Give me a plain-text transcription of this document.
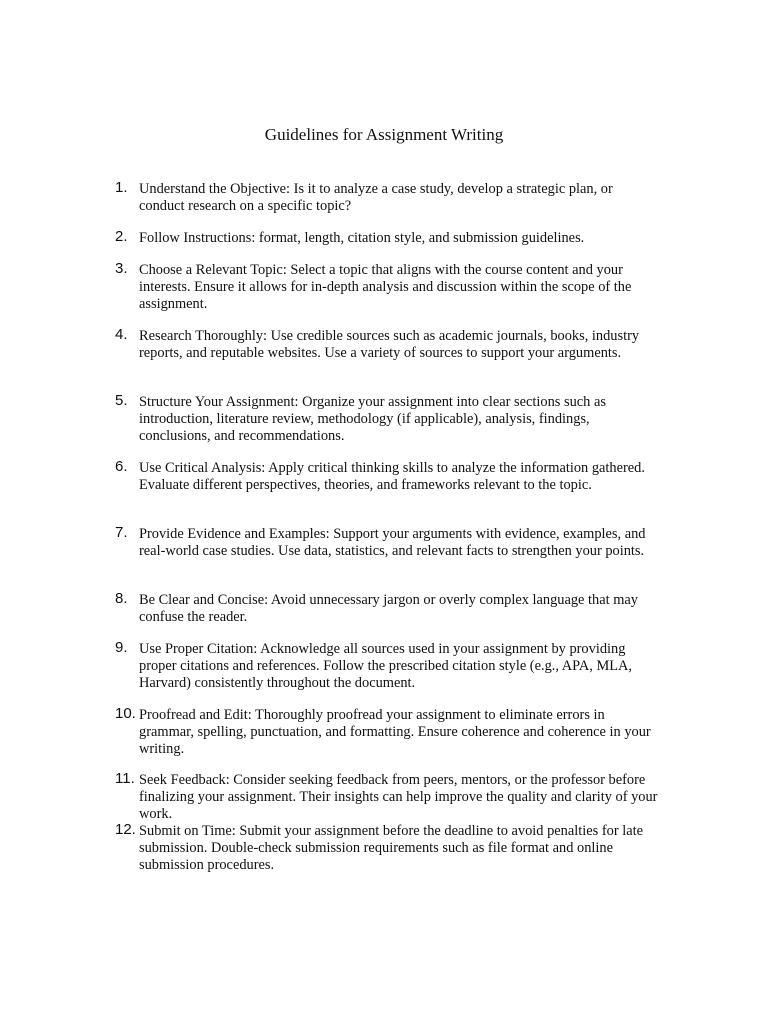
Guidelines for Assignment Writing
1. Understand the Objective: Is it to analyze a case study, develop a strategic plan, or conduct research on a specific topic?
2. Follow Instructions: format, length, citation style, and submission guidelines.
3. Choose a Relevant Topic: Select a topic that aligns with the course content and your interests. Ensure it allows for in-depth analysis and discussion within the scope of the assignment.
4. Research Thoroughly: Use credible sources such as academic journals, books, industry reports, and reputable websites. Use a variety of sources to support your arguments.
5. Structure Your Assignment: Organize your assignment into clear sections such as introduction, literature review, methodology (if applicable), analysis, findings, conclusions, and recommendations.
6. Use Critical Analysis: Apply critical thinking skills to analyze the information gathered. Evaluate different perspectives, theories, and frameworks relevant to the topic.
7. Provide Evidence and Examples: Support your arguments with evidence, examples, and real-world case studies. Use data, statistics, and relevant facts to strengthen your points.
8. Be Clear and Concise: Avoid unnecessary jargon or overly complex language that may confuse the reader.
9. Use Proper Citation: Acknowledge all sources used in your assignment by providing proper citations and references. Follow the prescribed citation style (e.g., APA, MLA, Harvard) consistently throughout the document.
10. Proofread and Edit: Thoroughly proofread your assignment to eliminate errors in grammar, spelling, punctuation, and formatting. Ensure coherence and coherence in your writing.
11. Seek Feedback: Consider seeking feedback from peers, mentors, or the professor before finalizing your assignment. Their insights can help improve the quality and clarity of your work.
12. Submit on Time: Submit your assignment before the deadline to avoid penalties for late submission. Double-check submission requirements such as file format and online submission procedures.
